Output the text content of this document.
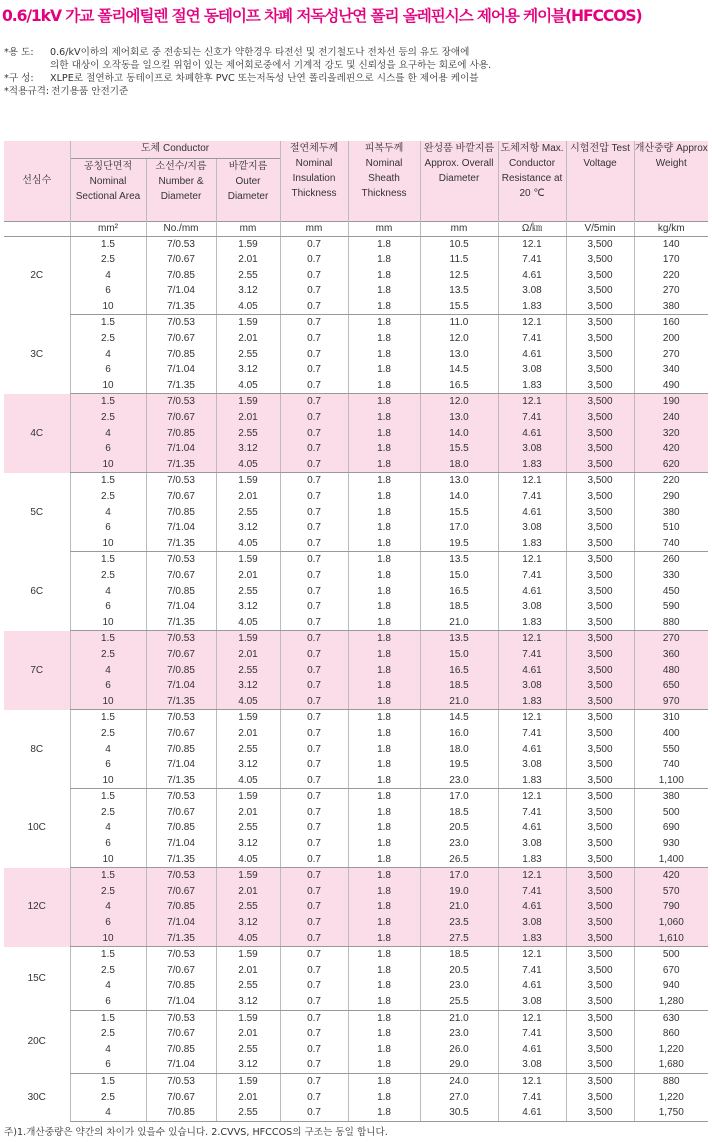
0.6/1kV 가교 폴리에틸렌 절연 동테이프 차폐 저독성난연 폴리 올레핀시스 제어용 케이블(HFCCOS)
*용 도:	0.6/kV이하의 제어회로 중 전송되는 신호가 약한경우 타전선 및 전기철도나 전차선 등의 유도 장애에
의한 대상이 오작동을 일으킬 위험이 있는 제어회로중에서 기계적 강도 및 신뢰성을 요구하는 회로에 사용.
*구 성:	XLPE로 절연하고 동테이프로 차폐한후 PVC 또는저독성 난연 폴리올레핀으로 시스를 한 제어용 케이블
*적용규격: 전기용품 안전기준
선심수	도체 Conductor			절연체두께 Nominal Insulation Thickness	피복두께 Nominal Sheath Thickness	완성품 바깥지름 Approx. Overall Diameter	도체저항 Max. Conductor Resistance at 20 ℃	시험전압 Test Voltage	개산중량 Approx Weight
	공칭단면적 Nominal Sectional Area	소선수/지름 Number & Diameter	바깥지름 Outer Diameter						
	mm²	No./mm	mm	mm	mm	mm	Ω/㎞	V/5min	kg/km
2C	1.5	7/0.53	1.59	0.7	1.8	10.5	12.1	3,500	140
	2.5	7/0.67	2.01	0.7	1.8	11.5	7.41	3,500	170
	4	7/0.85	2.55	0.7	1.8	12.5	4.61	3,500	220
	6	7/1.04	3.12	0.7	1.8	13.5	3.08	3,500	270
	10	7/1.35	4.05	0.7	1.8	15.5	1.83	3,500	380
3C	1.5	7/0.53	1.59	0.7	1.8	11.0	12.1	3,500	160
	2.5	7/0.67	2.01	0.7	1.8	12.0	7.41	3,500	200
	4	7/0.85	2.55	0.7	1.8	13.0	4.61	3,500	270
	6	7/1.04	3.12	0.7	1.8	14.5	3.08	3,500	340
	10	7/1.35	4.05	0.7	1.8	16.5	1.83	3,500	490
4C	1.5	7/0.53	1.59	0.7	1.8	12.0	12.1	3,500	190
	2.5	7/0.67	2.01	0.7	1.8	13.0	7.41	3,500	240
	4	7/0.85	2.55	0.7	1.8	14.0	4.61	3,500	320
	6	7/1.04	3.12	0.7	1.8	15.5	3.08	3,500	420
	10	7/1.35	4.05	0.7	1.8	18.0	1.83	3,500	620
5C	1.5	7/0.53	1.59	0.7	1.8	13.0	12.1	3,500	220
	2.5	7/0.67	2.01	0.7	1.8	14.0	7.41	3,500	290
	4	7/0.85	2.55	0.7	1.8	15.5	4.61	3,500	380
	6	7/1.04	3.12	0.7	1.8	17.0	3.08	3,500	510
	10	7/1.35	4.05	0.7	1.8	19.5	1.83	3,500	740
6C	1.5	7/0.53	1.59	0.7	1.8	13.5	12.1	3,500	260
	2.5	7/0.67	2.01	0.7	1.8	15.0	7.41	3,500	330
	4	7/0.85	2.55	0.7	1.8	16.5	4.61	3,500	450
	6	7/1.04	3.12	0.7	1.8	18.5	3.08	3,500	590
	10	7/1.35	4.05	0.7	1.8	21.0	1.83	3,500	880
7C	1.5	7/0.53	1.59	0.7	1.8	13.5	12.1	3,500	270
	2.5	7/0.67	2.01	0.7	1.8	15.0	7.41	3,500	360
	4	7/0.85	2.55	0.7	1.8	16.5	4.61	3,500	480
	6	7/1.04	3.12	0.7	1.8	18.5	3.08	3,500	650
	10	7/1.35	4.05	0.7	1.8	21.0	1.83	3,500	970
8C	1.5	7/0.53	1.59	0.7	1.8	14.5	12.1	3,500	310
	2.5	7/0.67	2.01	0.7	1.8	16.0	7.41	3,500	400
	4	7/0.85	2.55	0.7	1.8	18.0	4.61	3,500	550
	6	7/1.04	3.12	0.7	1.8	19.5	3.08	3,500	740
	10	7/1.35	4.05	0.7	1.8	23.0	1.83	3,500	1,100
10C	1.5	7/0.53	1.59	0.7	1.8	17.0	12.1	3,500	380
	2.5	7/0.67	2.01	0.7	1.8	18.5	7.41	3,500	500
	4	7/0.85	2.55	0.7	1.8	20.5	4.61	3,500	690
	6	7/1.04	3.12	0.7	1.8	23.0	3.08	3,500	930
	10	7/1.35	4.05	0.7	1.8	26.5	1.83	3,500	1,400
12C	1.5	7/0.53	1.59	0.7	1.8	17.0	12.1	3,500	420
	2.5	7/0.67	2.01	0.7	1.8	19.0	7.41	3,500	570
	4	7/0.85	2.55	0.7	1.8	21.0	4.61	3,500	790
	6	7/1.04	3.12	0.7	1.8	23.5	3.08	3,500	1,060
	10	7/1.35	4.05	0.7	1.8	27.5	1.83	3,500	1,610
15C	1.5	7/0.53	1.59	0.7	1.8	18.5	12.1	3,500	500
	2.5	7/0.67	2.01	0.7	1.8	20.5	7.41	3,500	670
	4	7/0.85	2.55	0.7	1.8	23.0	4.61	3,500	940
	6	7/1.04	3.12	0.7	1.8	25.5	3.08	3,500	1,280
20C	1.5	7/0.53	1.59	0.7	1.8	21.0	12.1	3,500	630
	2.5	7/0.67	2.01	0.7	1.8	23.0	7.41	3,500	860
	4	7/0.85	2.55	0.7	1.8	26.0	4.61	3,500	1,220
	6	7/1.04	3.12	0.7	1.8	29.0	3.08	3,500	1,680
30C	1.5	7/0.53	1.59	0.7	1.8	24.0	12.1	3,500	880
	2.5	7/0.67	2.01	0.7	1.8	27.0	7.41	3,500	1,220
	4	7/0.85	2.55	0.7	1.8	30.5	4.61	3,500	1,750
주)1.개산중량은 약간의 차이가 있을수 있습니다. 2.CVVS, HFCCOS의 구조는 동일 합니다.
